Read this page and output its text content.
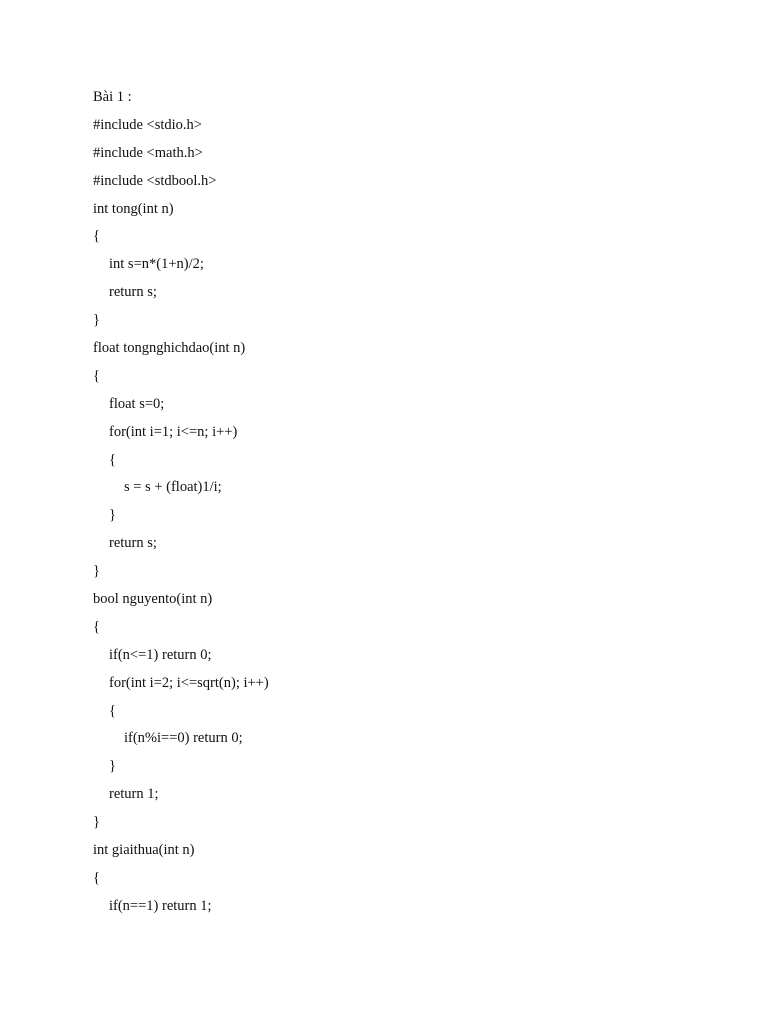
Bài 1 :
#include <stdio.h>
#include <math.h>
#include <stdbool.h>
int tong(int n)
{
int s=n*(1+n)/2;
return s;
}
float tongnghichdao(int n)
{
float s=0;
for(int i=1; i<=n; i++)
{
s = s + (float)1/i;
}
return s;
}
bool nguyento(int n)
{
if(n<=1) return 0;
for(int i=2; i<=sqrt(n); i++)
{
if(n%i==0) return 0;
}
return 1;
}
int giaithua(int n)
{
if(n==1) return 1;
